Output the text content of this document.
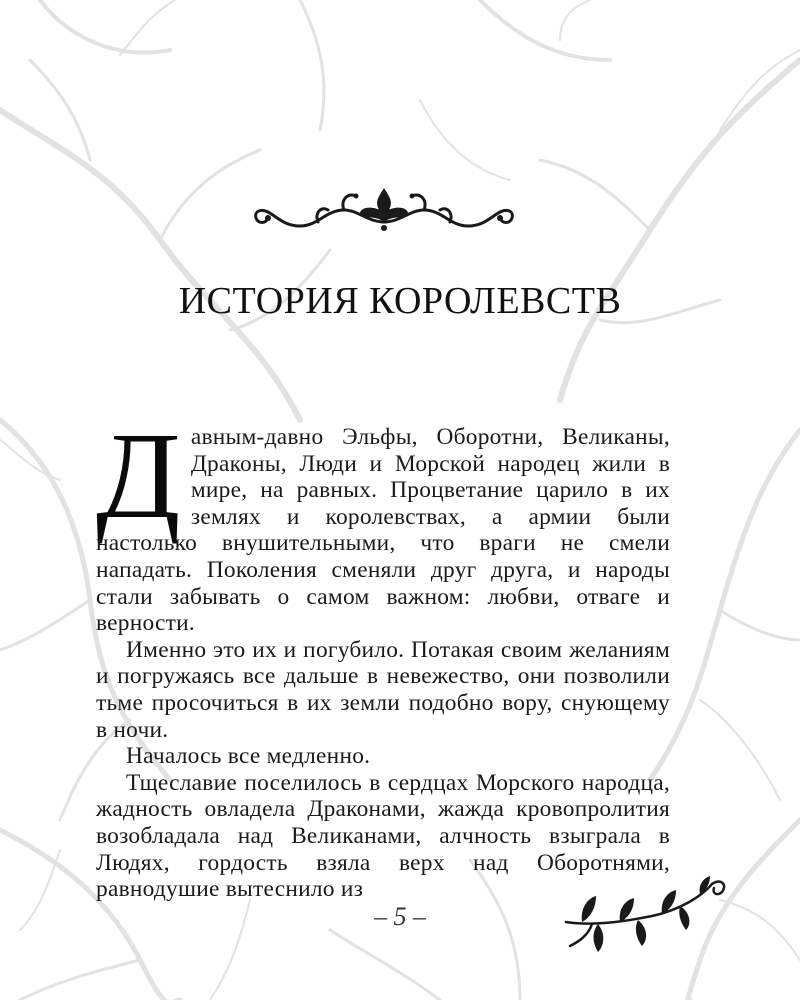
ИСТОРИЯ КОРОЛЕВСТВ

Давным-давно Эльфы, Оборотни, Великаны, Драконы, Люди и Морской народец жили в мире, на равных. Процветание царило в их землях и королевствах, а армии были настолько внушительными, что враги не смели нападать. Поколения сменяли друг друга, и народы стали забывать о самом важном: любви, отваге и верности.

Именно это их и погубило. Потакая своим желаниям и погружаясь все дальше в невежество, они позволили тьме просочиться в их земли подобно вору, снующему в ночи.

Началось все медленно.

Тщеславие поселилось в сердцах Морского народца, жадность овладела Драконами, жажда кровопролития возобладала над Великанами, алчность взыграла в Людях, гордость взяла верх над Оборотнями, равнодушие вытеснило из

– 5 –
